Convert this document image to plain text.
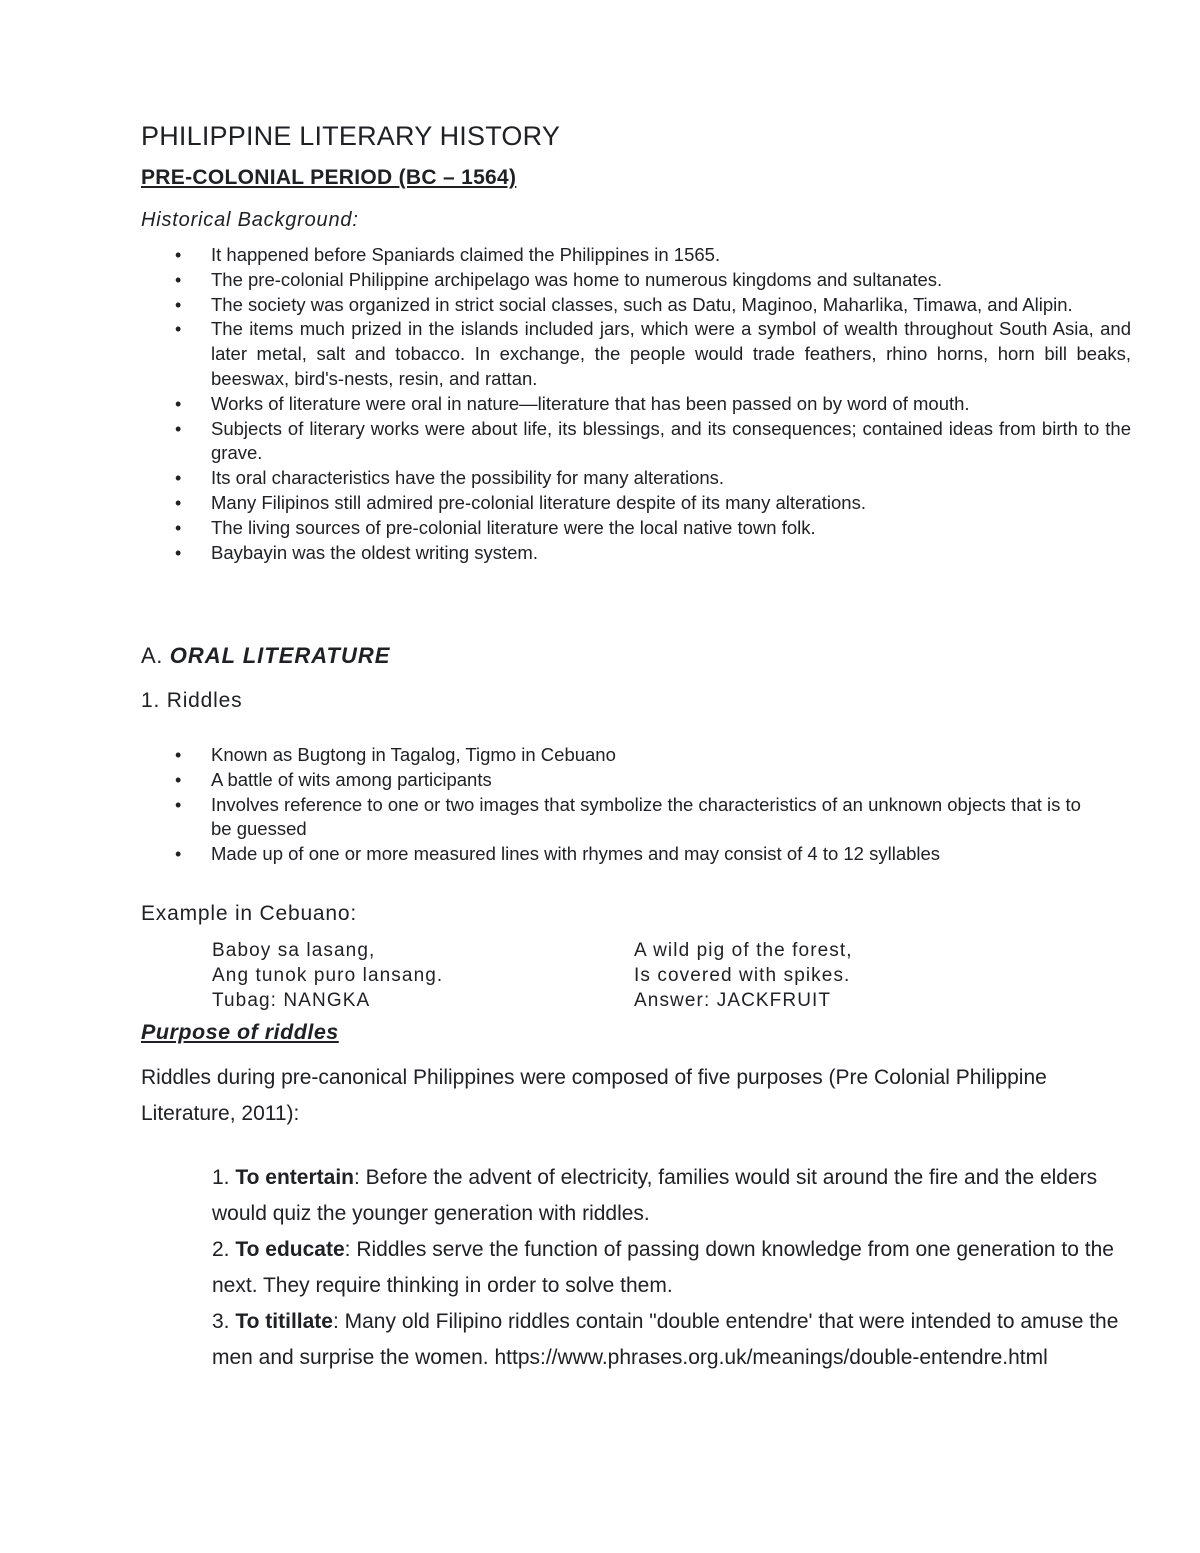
PHILIPPINE LITERARY HISTORY
PRE-COLONIAL PERIOD (BC – 1564)
Historical Background:
• It happened before Spaniards claimed the Philippines in 1565.
• The pre-colonial Philippine archipelago was home to numerous kingdoms and sultanates.
• The society was organized in strict social classes, such as Datu, Maginoo, Maharlika, Timawa, and Alipin.
• The items much prized in the islands included jars, which were a symbol of wealth throughout South Asia, and later metal, salt and tobacco. In exchange, the people would trade feathers, rhino horns, horn bill beaks, beeswax, bird's-nests, resin, and rattan.
• Works of literature were oral in nature—literature that has been passed on by word of mouth.
• Subjects of literary works were about life, its blessings, and its consequences; contained ideas from birth to the grave.
• Its oral characteristics have the possibility for many alterations.
• Many Filipinos still admired pre-colonial literature despite of its many alterations.
• The living sources of pre-colonial literature were the local native town folk.
• Baybayin was the oldest writing system.
A. ORAL LITERATURE
1. Riddles
• Known as Bugtong in Tagalog, Tigmo in Cebuano
• A battle of wits among participants
• Involves reference to one or two images that symbolize the characteristics of an unknown objects that is to be guessed
• Made up of one or more measured lines with rhymes and may consist of 4 to 12 syllables
Example in Cebuano:
Baboy sa lasang,
Ang tunok puro lansang.
Tubag: NANGKA
A wild pig of the forest,
Is covered with spikes.
Answer: JACKFRUIT
Purpose of riddles
Riddles during pre-canonical Philippines were composed of five purposes (Pre Colonial Philippine Literature, 2011):

1. To entertain: Before the advent of electricity, families would sit around the fire and the elders would quiz the younger generation with riddles.

2. To educate: Riddles serve the function of passing down knowledge from one generation to the next. They require thinking in order to solve them.

3. To titillate: Many old Filipino riddles contain "double entendre' that were intended to amuse the men and surprise the women. https://www.phrases.org.uk/meanings/double-entendre.html
